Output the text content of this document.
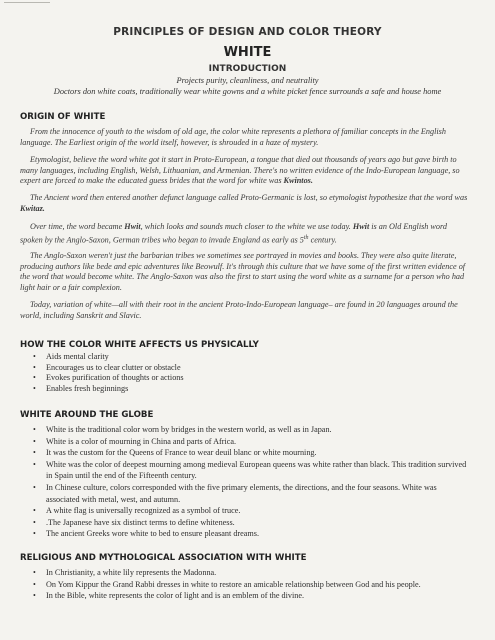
PRINCIPLES OF DESIGN AND COLOR THEORY
WHITE
INTRODUCTION
Projects purity, cleanliness, and neutrality
Doctors don white coats, traditionally wear white gowns and a white picket fence surrounds a safe and house home
ORIGIN OF WHITE

From the innocence of youth to the wisdom of old age, the color white represents a plethora of familiar concepts in the English language. The Earliest origin of the world itself, however, is shrouded in a haze of mystery.

Etymologist, believe the word white got it start in Proto-European, a tongue that died out thousands of years ago but gave birth to many languages, including English, Welsh, Lithuanian, and Armenian. There's no written evidence of the Indo-European language, so expert are forced to make the educated guess brides that the word for white was Kwintos.

The Ancient word then entered another defunct language called Proto-Germanic is lost, so etymologist hypothesize that the word was Kwitaz.

Over time, the word became Hwit, which looks and sounds much closer to the white we use today. Hwit is an Old English word spoken by the Anglo-Saxon, German tribes who began to invade England as early as 5th century.

The Anglo-Saxon weren't just the barbarian tribes we sometimes see portrayed in movies and books. They were also quite literate, producing authors like bede and epic adventures like Beowulf. It's through this culture that we have some of the first written evidence of the word that would become white. The Anglo-Saxon was also the first to start using the word white as a surname for a person who had light hair or a fair complexion.

Today, variation of white—all with their root in the ancient Proto-Indo-European language– are found in 20 languages around the world, including Sanskrit and Slavic.

HOW THE COLOR WHITE AFFECTS US PHYSICALLY
• Aids mental clarity
• Encourages us to clear clutter or obstacle
• Evokes purification of thoughts or actions
• Enables fresh beginnings
WHITE AROUND THE GLOBE
• White is the traditional color worn by bridges in the western world, as well as in Japan.
• White is a color of mourning in China and parts of Africa.
• It was the custom for the Queens of France to wear deuil blanc or white mourning.
• White was the color of deepest mourning among medieval European queens was white rather than black. This tradition survived in Spain until the end of the Fifteenth century.
• In Chinese culture, colors corresponded with the five primary elements, the directions, and the four seasons. White was associated with metal, west, and autumn.
• A white flag is universally recognized as a symbol of truce.
• .The Japanese have six distinct terms to define whiteness.
• The ancient Greeks wore white to bed to ensure pleasant dreams.
RELIGIOUS AND MYTHOLOGICAL ASSOCIATION WITH WHITE
• In Christianity, a white lily represents the Madonna.
• On Yom Kippur the Grand Rabbi dresses in white to restore an amicable relationship between God and his people.
• In the Bible, white represents the color of light and is an emblem of the divine.
